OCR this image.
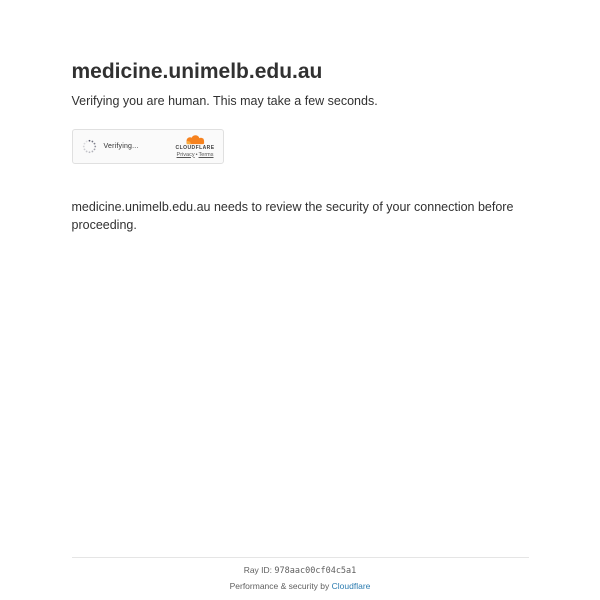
medicine.unimelb.edu.au

Verifying you are human. This may take a few seconds.

Verifying...	CLOUDFLARE
Privacy•Terms

medicine.unimelb.edu.au needs to review the security of your connection before proceeding.

Ray ID: 978aac00cf04c5a1
Performance & security by Cloudflare
